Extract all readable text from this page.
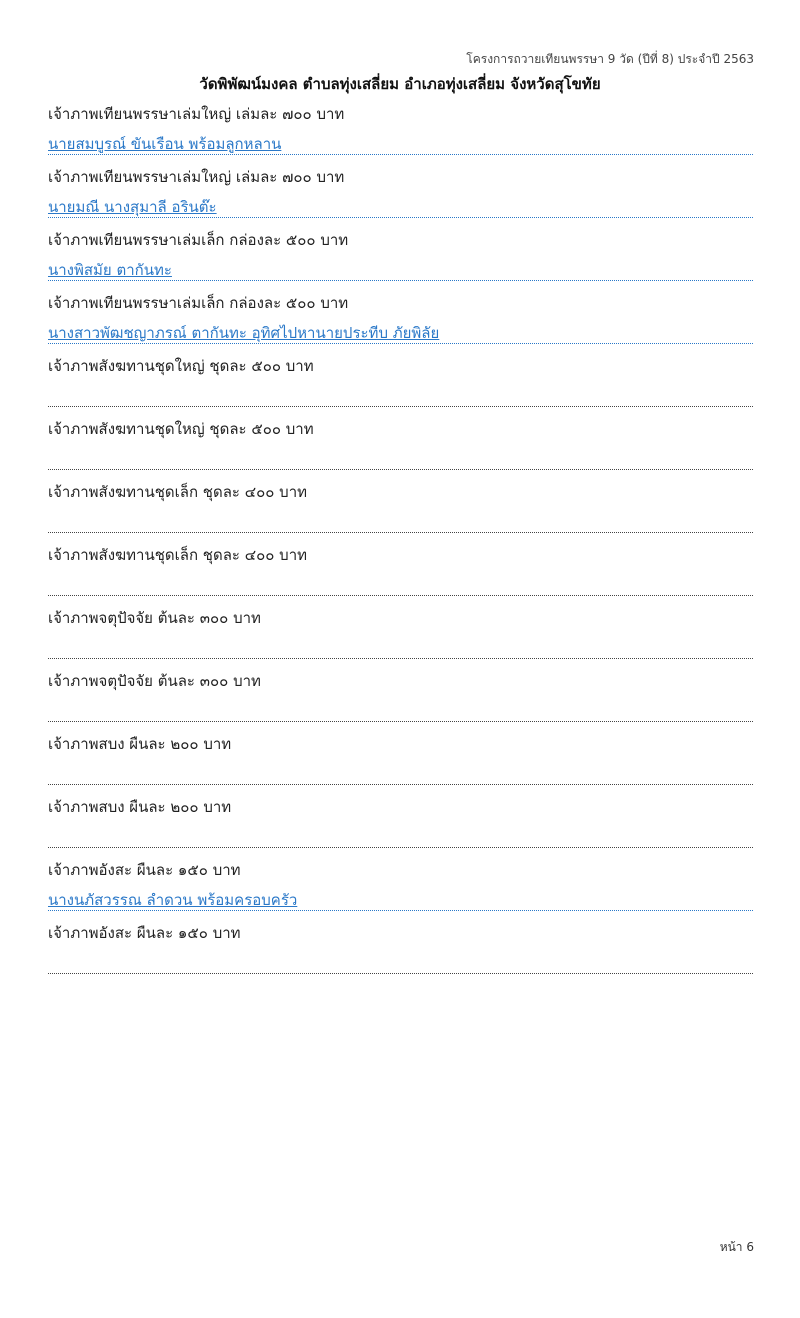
โครงการถวายเทียนพรรษา 9 วัด (ปีที่ 8) ประจำปี 2563
วัดพิพัฒน์มงคล ตำบลทุ่งเสลี่ยม อำเภอทุ่งเสลี่ยม จังหวัดสุโขทัย
เจ้าภาพเทียนพรรษาเล่มใหญ่ เล่มละ ๗๐๐ บาท
นายสมบูรณ์ ขันเรือน พร้อมลูกหลาน
เจ้าภาพเทียนพรรษาเล่มใหญ่ เล่มละ ๗๐๐ บาท
นายมณี นางสุมาลี อรินต๊ะ
เจ้าภาพเทียนพรรษาเล่มเล็ก กล่องละ ๕๐๐ บาท
นางพิสมัย ตากันทะ
เจ้าภาพเทียนพรรษาเล่มเล็ก กล่องละ ๕๐๐ บาท
นางสาวพัฒชญาภรณ์ ตากันทะ อุทิศไปหานายประทีบ ภัยพิลัย
เจ้าภาพสังฆทานชุดใหญ่ ชุดละ ๕๐๐ บาท
เจ้าภาพสังฆทานชุดใหญ่ ชุดละ ๕๐๐ บาท
เจ้าภาพสังฆทานชุดเล็ก ชุดละ ๔๐๐ บาท
เจ้าภาพสังฆทานชุดเล็ก ชุดละ ๔๐๐ บาท
เจ้าภาพจตุปัจจัย ต้นละ ๓๐๐ บาท
เจ้าภาพจตุปัจจัย ต้นละ ๓๐๐ บาท
เจ้าภาพสบง ผืนละ ๒๐๐ บาท
เจ้าภาพสบง ผืนละ ๒๐๐ บาท
เจ้าภาพอังสะ ผืนละ ๑๕๐ บาท
นางนภัสวรรณ ลำดวน พร้อมครอบครัว
เจ้าภาพอังสะ ผืนละ ๑๕๐ บาท
หน้า 6
